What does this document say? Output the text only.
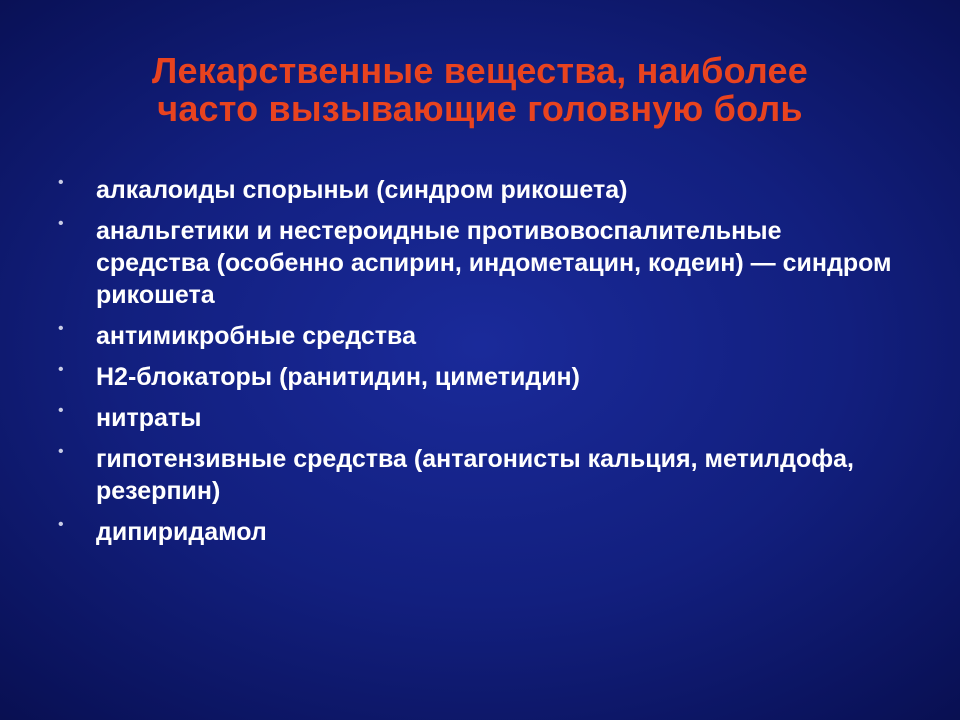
Лекарственные вещества, наиболее
часто вызывающие головную боль
• алкалоиды спорыньи (синдром рикошета)
• анальгетики и нестероидные противовоспалительные средства (особенно аспирин, индометацин, кодеин) — синдром рикошета
• антимикробные средства
• Н2-блокаторы (ранитидин, циметидин)
• нитраты
• гипотензивные средства (антагонисты кальция, метилдофа, резерпин)
• дипиридамол
